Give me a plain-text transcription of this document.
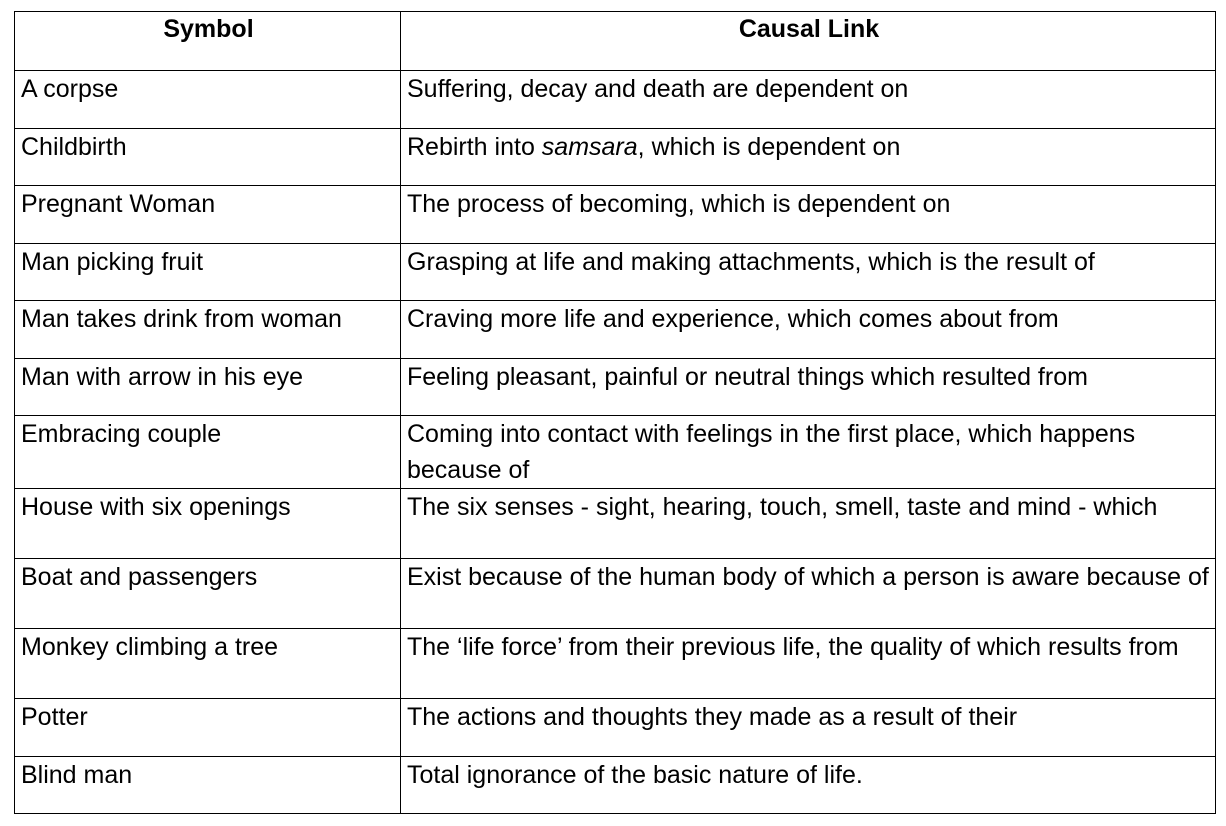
Symbol	Causal Link
A corpse	Suffering, decay and death are dependent on
Childbirth	Rebirth into samsara, which is dependent on
Pregnant Woman	The process of becoming, which is dependent on
Man picking fruit	Grasping at life and making attachments, which is the result of
Man takes drink from woman	Craving more life and experience, which comes about from
Man with arrow in his eye	Feeling pleasant, painful or neutral things which resulted from
Embracing couple	Coming into contact with feelings in the first place, which happens because of
House with six openings	The six senses - sight, hearing, touch, smell, taste and mind - which
Boat and passengers	Exist because of the human body of which a person is aware because of
Monkey climbing a tree	The ‘life force’ from their previous life, the quality of which results from
Potter	The actions and thoughts they made as a result of their
Blind man	Total ignorance of the basic nature of life.
